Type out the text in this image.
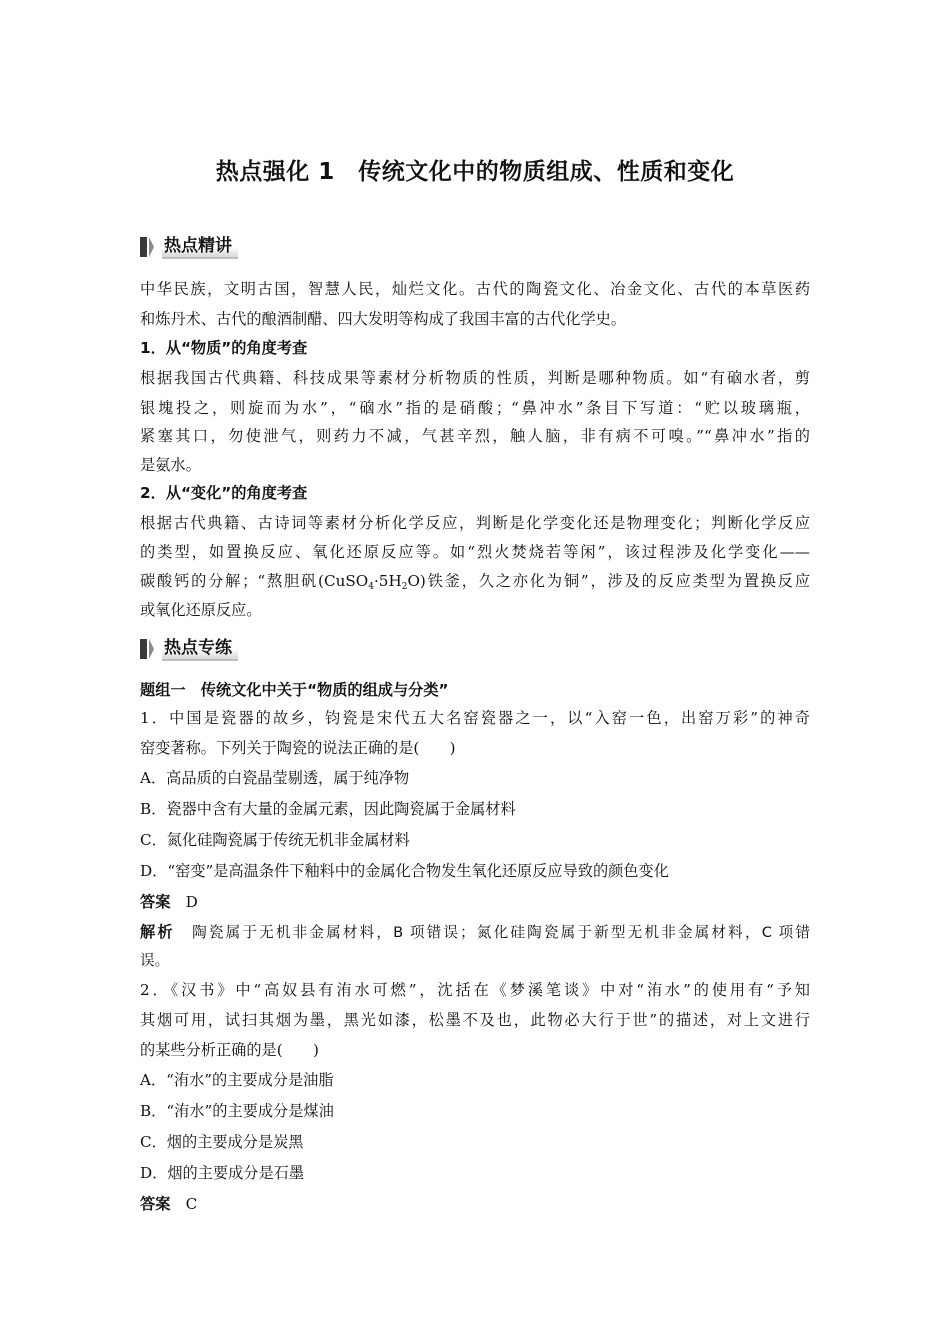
热点强化 1　传统文化中的物质组成、性质和变化
热点精讲
中华民族，文明古国，智慧人民，灿烂文化。古代的陶瓷文化、冶金文化、古代的本草医药
和炼丹术、古代的酿酒制醋、四大发明等构成了我国丰富的古代化学史。
1．从“物质”的角度考查
根据我国古代典籍、科技成果等素材分析物质的性质，判断是哪种物质。如“有硇水者，剪
银塊投之，则旋而为水”，“硇水”指的是硝酸；“鼻冲水”条目下写道：“贮以玻璃瓶，
紧塞其口，勿使泄气，则药力不减，气甚辛烈，触人脑，非有病不可嗅。”“鼻冲水”指的
是氨水。
2．从“变化”的角度考查
根据古代典籍、古诗词等素材分析化学反应，判断是化学变化还是物理变化；判断化学反应
的类型，如置换反应、氧化还原反应等。如“烈火焚烧若等闲”，该过程涉及化学变化——
碳酸钙的分解；“熬胆矾$(CuSO_4\cdot 5H_2O)$铁釜，久之亦化为铜”，涉及的反应类型为置换反应
或氧化还原反应。
热点专练
题组一　传统文化中关于“物质的组成与分类”
1．中国是瓷器的故乡，钧瓷是宋代五大名窑瓷器之一，以“入窑一色，出窑万彩”的神奇
窑变著称。下列关于陶瓷的说法正确的是(　　)
A．高品质的白瓷晶莹剔透，属于纯净物
B．瓷器中含有大量的金属元素，因此陶瓷属于金属材料
C．氮化硅陶瓷属于传统无机非金属材料
D．“窑变”是高温条件下釉料中的金属化合物发生氧化还原反应导致的颜色变化
答案　 D
解析　 陶瓷属于无机非金属材料，B 项错误；氮化硅陶瓷属于新型无机非金属材料，C 项错
误。
2．《汉书》中“高奴县有洧水可燃”，沈括在《梦溪笔谈》中对“洧水”的使用有“予知
其烟可用，试扫其烟为墨，黑光如漆，松墨不及也，此物必大行于世”的描述，对上文进行
的某些分析正确的是(　　)
A．“洧水”的主要成分是油脂
B．“洧水”的主要成分是煤油
C．烟的主要成分是炭黑
D．烟的主要成分是石墨
答案　 C
